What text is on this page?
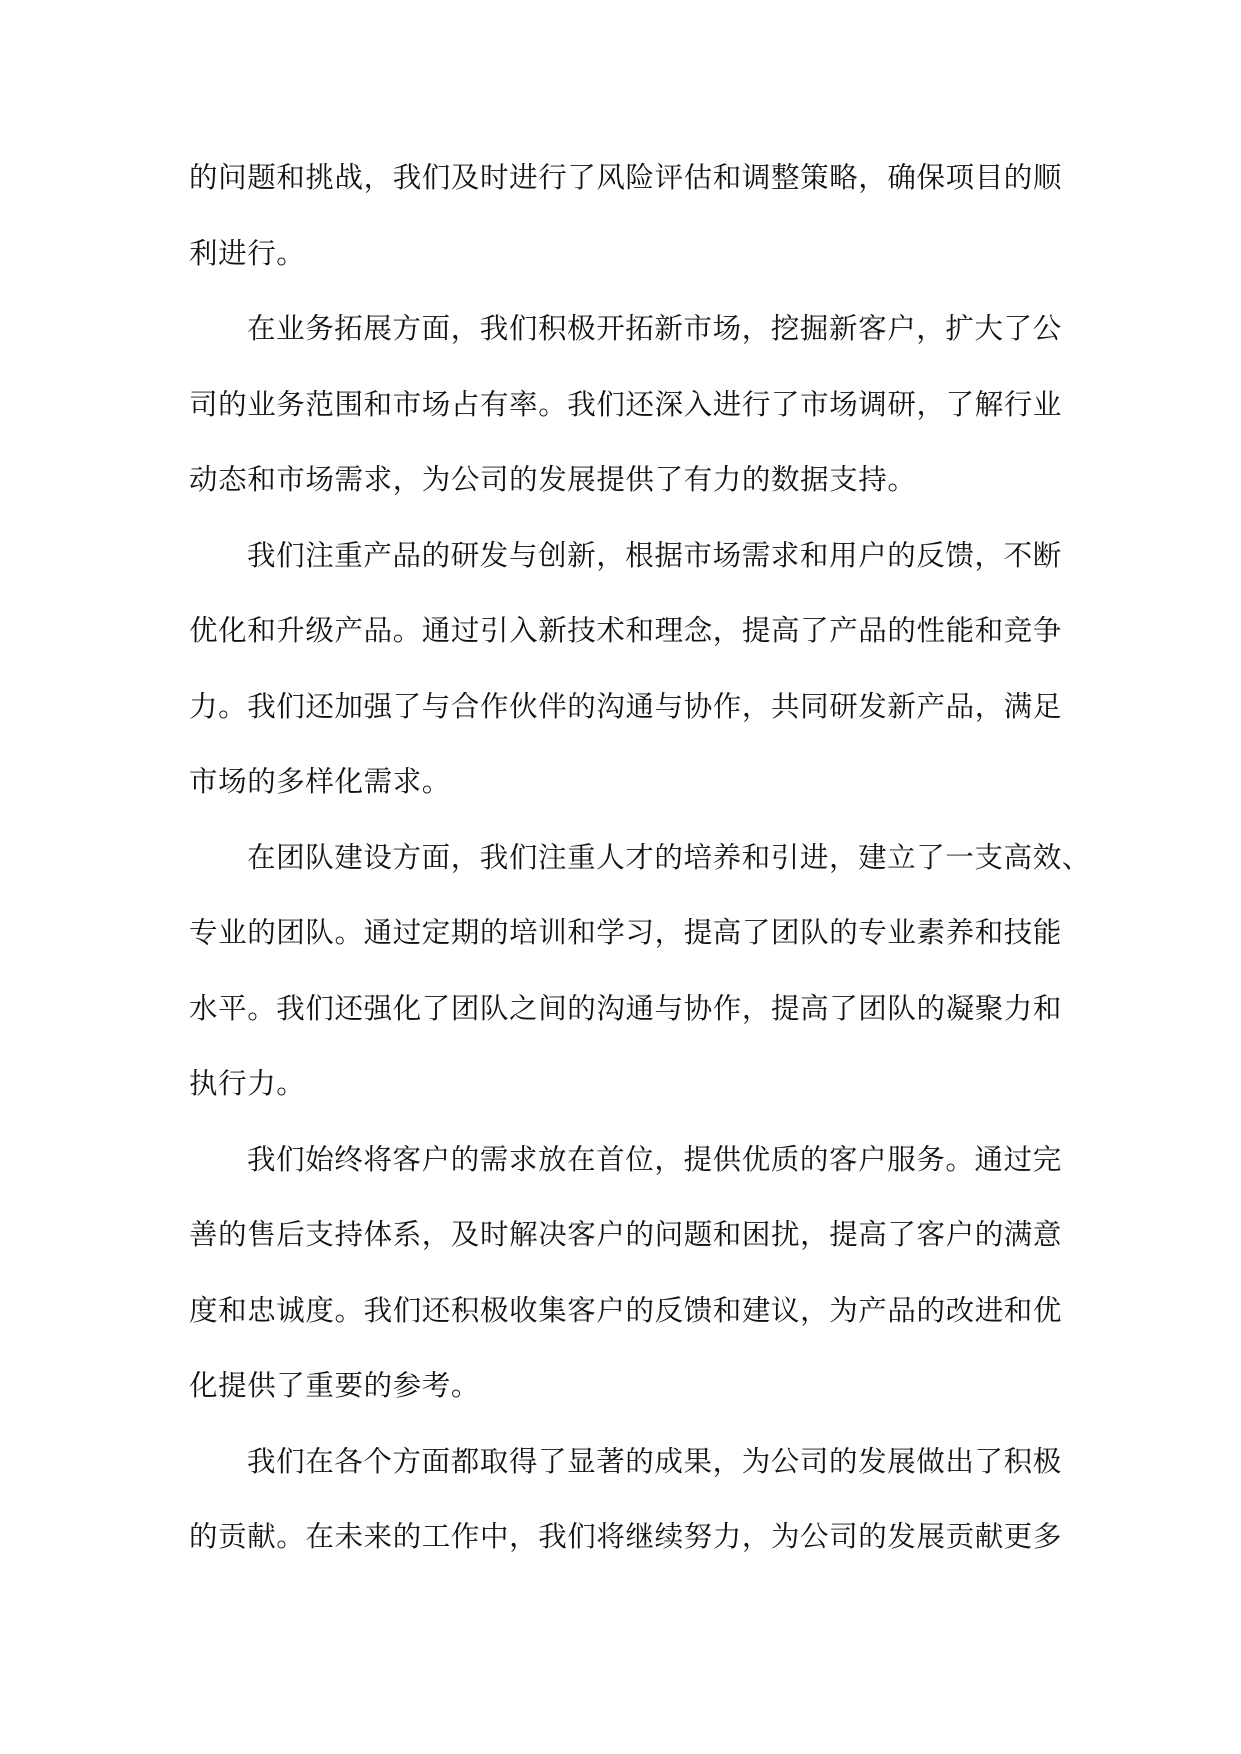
的问题和挑战，我们及时进行了风险评估和调整策略，确保项目的顺
利进行。
在业务拓展方面，我们积极开拓新市场，挖掘新客户，扩大了公
司的业务范围和市场占有率。我们还深入进行了市场调研，了解行业
动态和市场需求，为公司的发展提供了有力的数据支持。
我们注重产品的研发与创新，根据市场需求和用户的反馈，不断
优化和升级产品。通过引入新技术和理念，提高了产品的性能和竞争
力。我们还加强了与合作伙伴的沟通与协作，共同研发新产品，满足
市场的多样化需求。
在团队建设方面，我们注重人才的培养和引进，建立了一支高效、
专业的团队。通过定期的培训和学习，提高了团队的专业素养和技能
水平。我们还强化了团队之间的沟通与协作，提高了团队的凝聚力和
执行力。
我们始终将客户的需求放在首位，提供优质的客户服务。通过完
善的售后支持体系，及时解决客户的问题和困扰，提高了客户的满意
度和忠诚度。我们还积极收集客户的反馈和建议，为产品的改进和优
化提供了重要的参考。
我们在各个方面都取得了显著的成果，为公司的发展做出了积极
的贡献。在未来的工作中，我们将继续努力，为公司的发展贡献更多
